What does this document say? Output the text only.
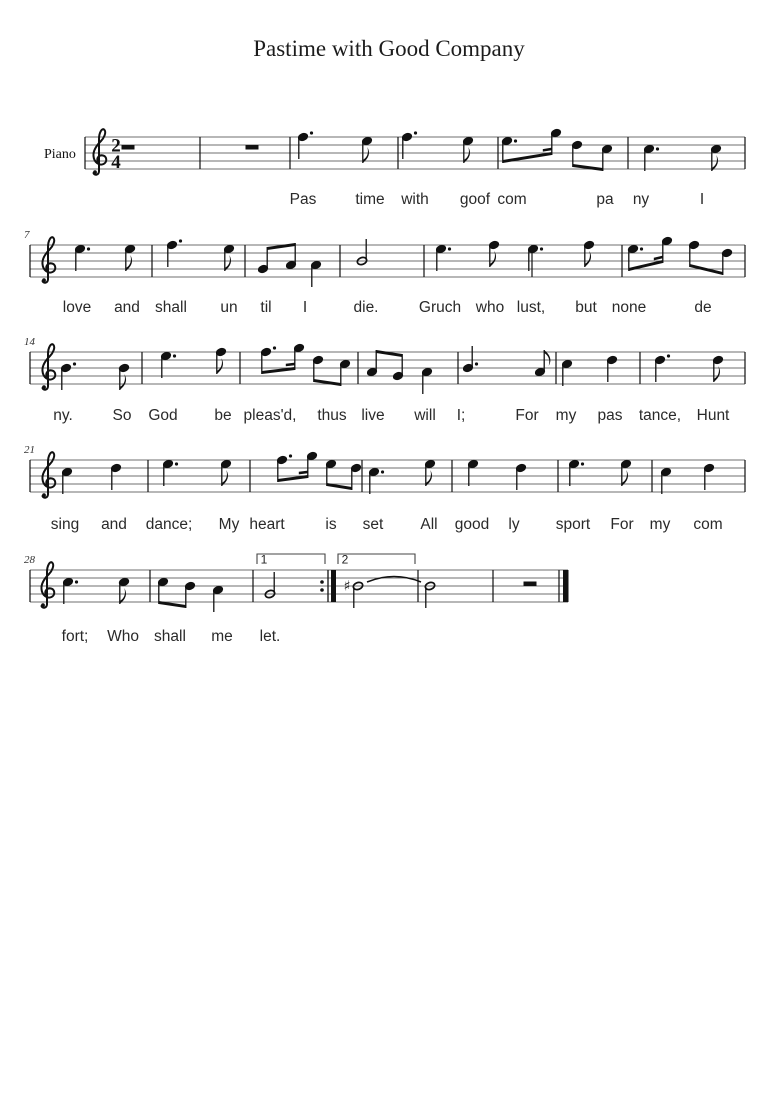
Pastime with Good Company
2
4
Piano
Pas	time with goof com	pa ny	I
7
love and shall un til I	die.	Gruch who lust, but none	de
14
ny.	So God be pleas'd, thus live will I;	For my pas tance, Hunt
21
sing and dance; My heart	is set All good ly sport For my com
28	1	2
♯
fort; Who shall me let.
